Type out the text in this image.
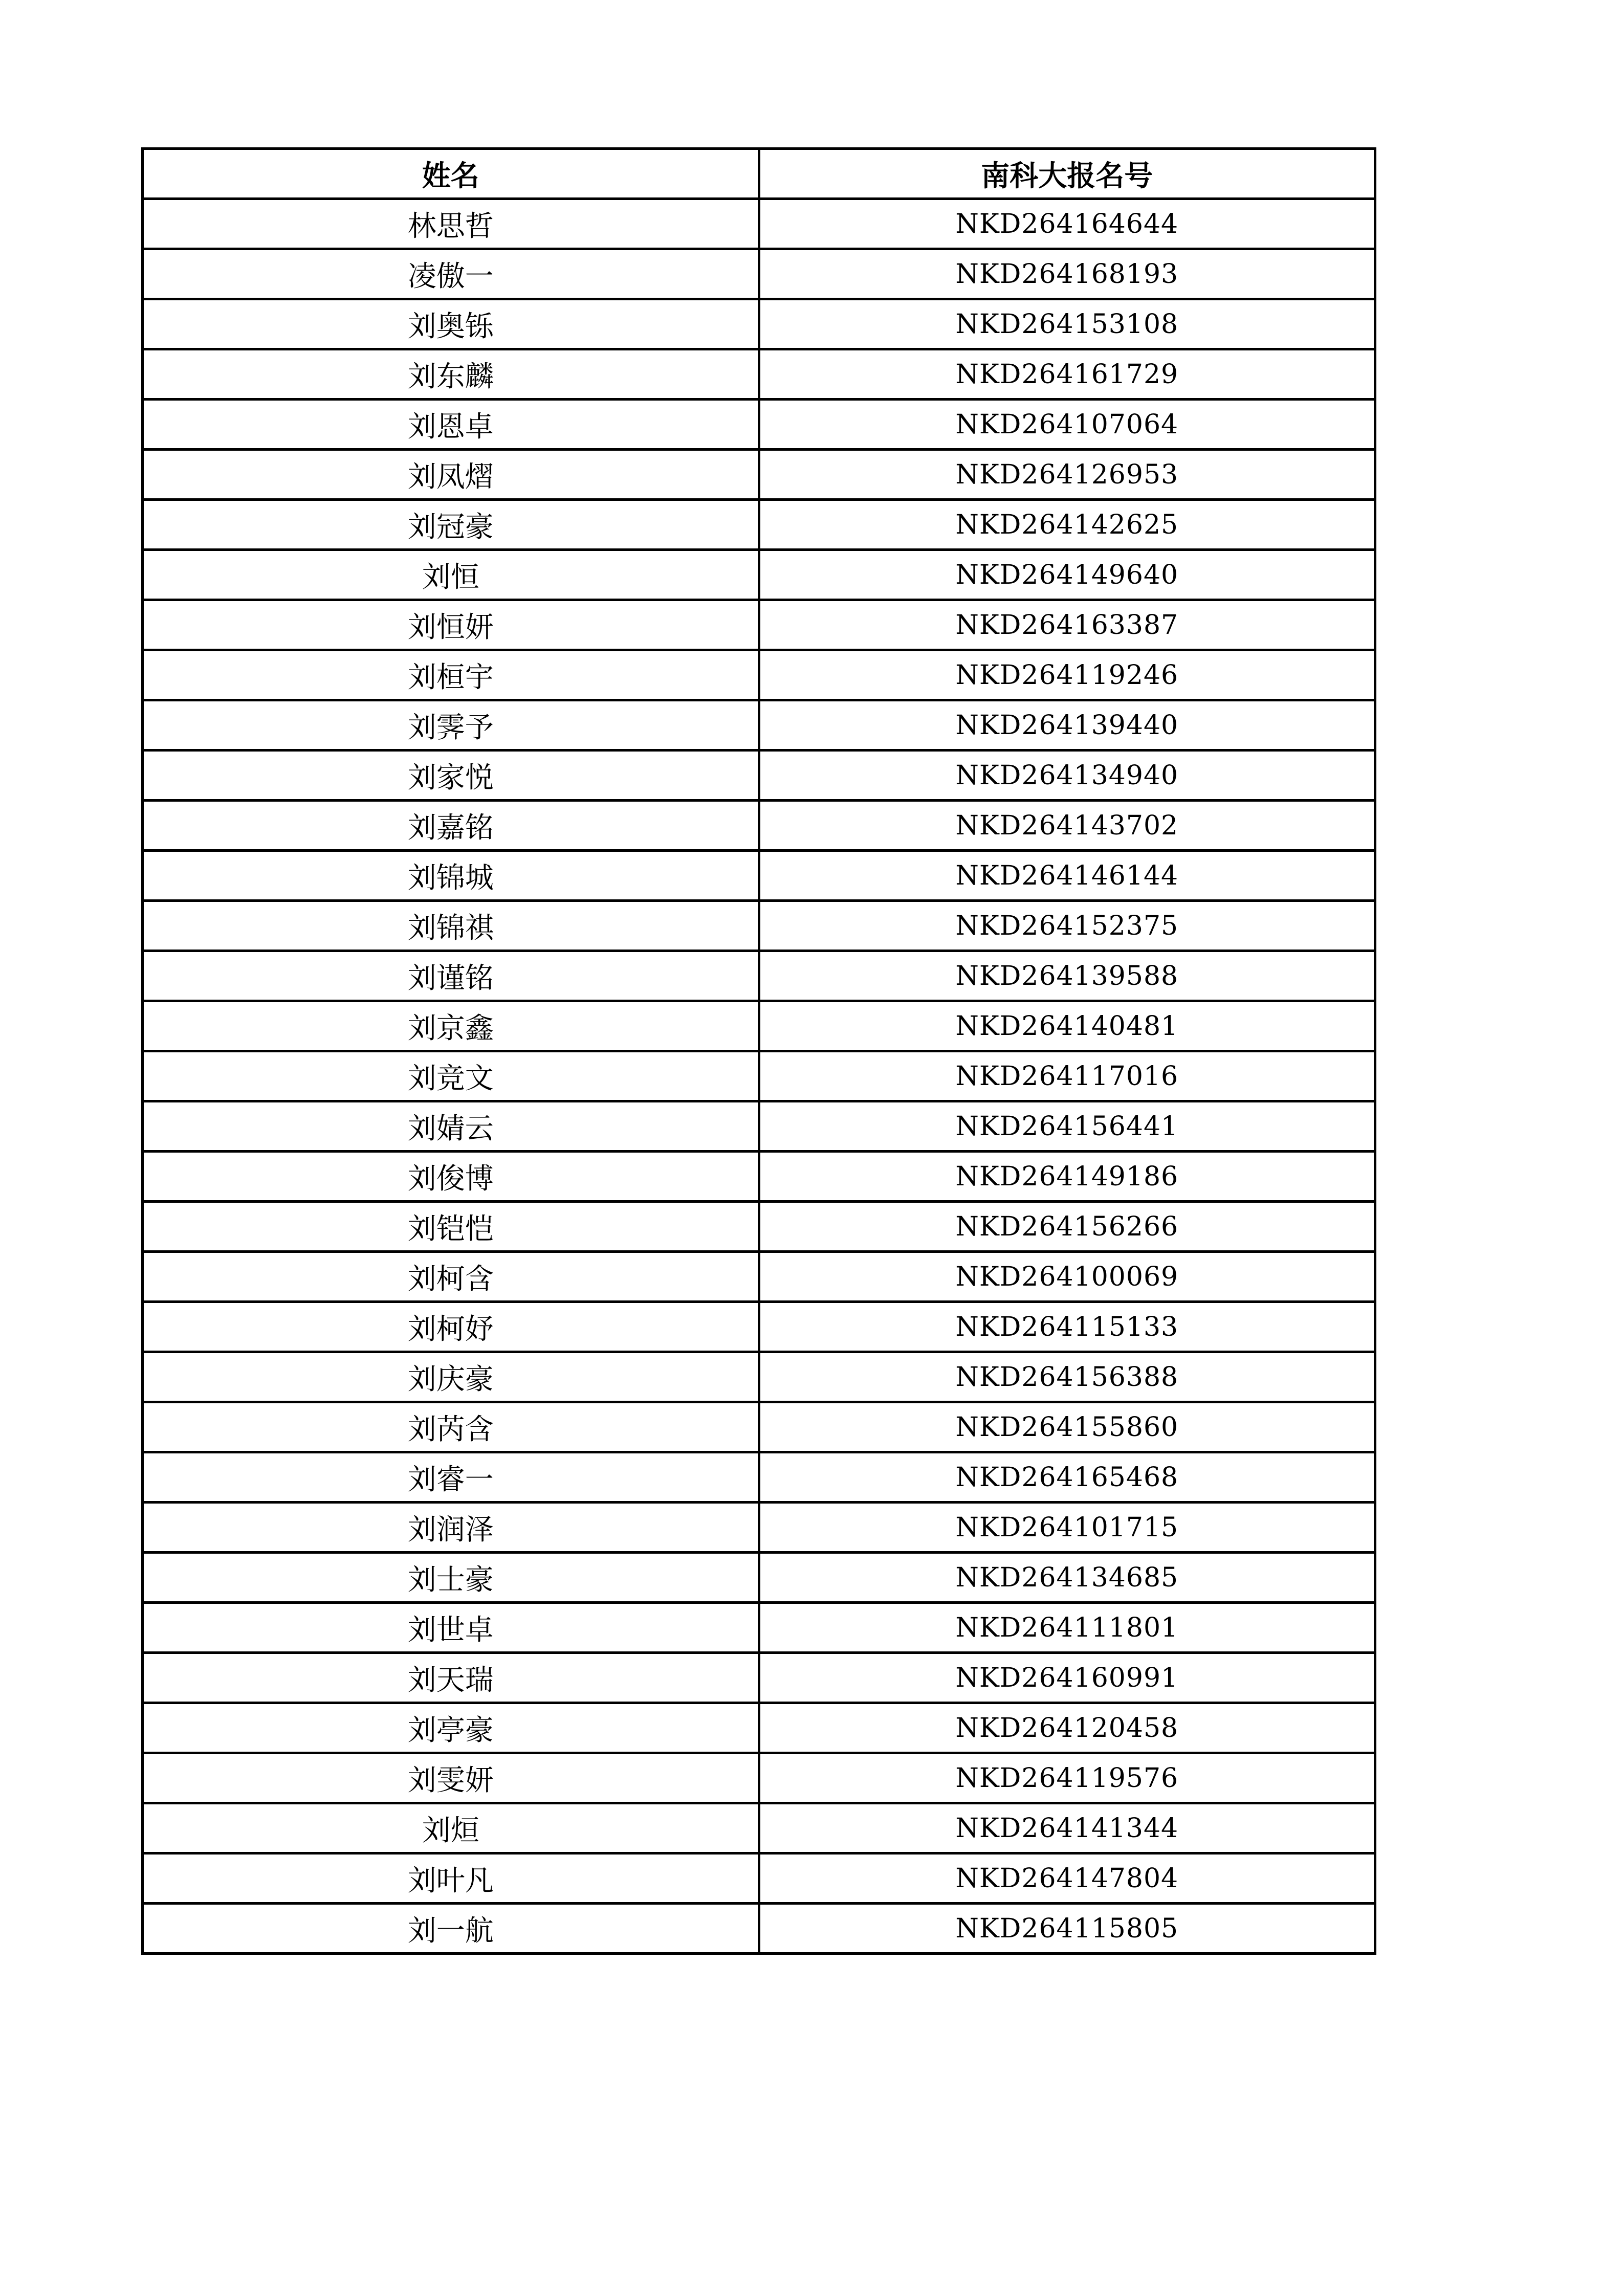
姓名	南科大报名号
林思哲	NKD264164644
凌傲一	NKD264168193
刘奥铄	NKD264153108
刘东麟	NKD264161729
刘恩卓	NKD264107064
刘凤熠	NKD264126953
刘冠豪	NKD264142625
刘恒	NKD264149640
刘恒妍	NKD264163387
刘桓宇	NKD264119246
刘霁予	NKD264139440
刘家悦	NKD264134940
刘嘉铭	NKD264143702
刘锦城	NKD264146144
刘锦祺	NKD264152375
刘谨铭	NKD264139588
刘京鑫	NKD264140481
刘竞文	NKD264117016
刘婧云	NKD264156441
刘俊博	NKD264149186
刘铠恺	NKD264156266
刘柯含	NKD264100069
刘柯妤	NKD264115133
刘庆豪	NKD264156388
刘芮含	NKD264155860
刘睿一	NKD264165468
刘润泽	NKD264101715
刘士豪	NKD264134685
刘世卓	NKD264111801
刘天瑞	NKD264160991
刘亭豪	NKD264120458
刘雯妍	NKD264119576
刘烜	NKD264141344
刘叶凡	NKD264147804
刘一航	NKD264115805
